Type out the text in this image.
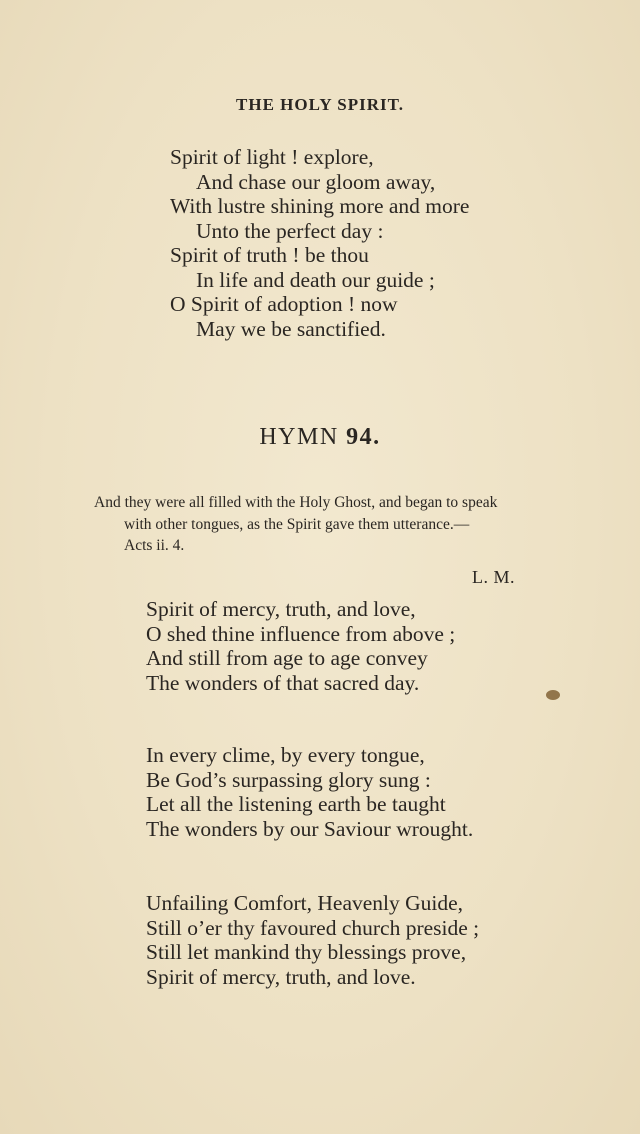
THE HOLY SPIRIT.
Spirit of light ! explore,
And chase our gloom away,
With lustre shining more and more
Unto the perfect day :
Spirit of truth ! be thou
In life and death our guide ;
O Spirit of adoption ! now
May we be sanctified.
HYMN 94.
And they were all filled with the Holy Ghost, and began to speak
with other tongues, as the Spirit gave them utterance.—
Acts ii. 4.
L. M.
Spirit of mercy, truth, and love,
O shed thine influence from above ;
And still from age to age convey
The wonders of that sacred day.
In every clime, by every tongue,
Be God’s surpassing glory sung :
Let all the listening earth be taught
The wonders by our Saviour wrought.
Unfailing Comfort, Heavenly Guide,
Still o’er thy favoured church preside ;
Still let mankind thy blessings prove,
Spirit of mercy, truth, and love.
